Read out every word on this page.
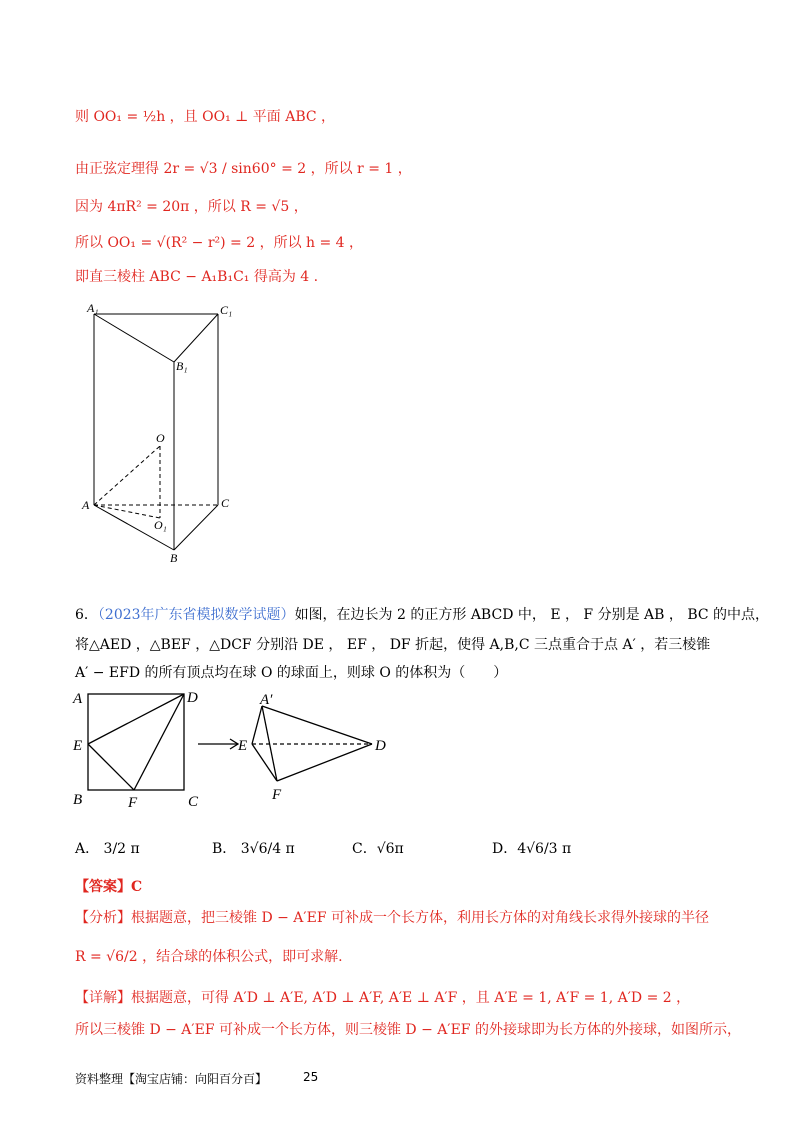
则 OO₁ = ½h ，且 OO₁ ⊥ 平面 ABC ，
由正弦定理得 2r = √3 / sin60° = 2 ，所以 r = 1 ，
因为 4πR² = 20π ，所以 R = √5 ，
所以 OO₁ = √(R² − r²) = 2 ，所以 h = 4 ，
即直三棱柱 ABC − A₁B₁C₁ 得高为 4 .
A₁	C₁
B₁
O
A	C
O₁
B
6．（2023年广东省模拟数学试题）如图，在边长为 2 的正方形 ABCD 中， E ， F 分别是 AB ， BC 的中点，
将△AED ，△BEF ，△DCF 分别沿 DE ， EF ， DF 折起，使得 A,B,C 三点重合于点 A′ ，若三棱锥
A′ − EFD 的所有顶点均在球 O 的球面上，则球 O 的体积为（　　）
A	D
E
B	F	C
A′
E	D
F
A． 3/2 π	B． 3√6/4 π	C．√6π	D．4√6/3 π
【答案】C
【分析】根据题意，把三棱锥 D − A′EF 可补成一个长方体，利用长方体的对角线长求得外接球的半径
R = √6/2 ，结合球的体积公式，即可求解.
【详解】根据题意，可得 A′D ⊥ A′E, A′D ⊥ A′F, A′E ⊥ A′F ，且 A′E = 1, A′F = 1, A′D = 2 ，
所以三棱锥 D − A′EF 可补成一个长方体，则三棱锥 D − A′EF 的外接球即为长方体的外接球，如图所示，
资料整理【淘宝店铺：向阳百分百】	25
